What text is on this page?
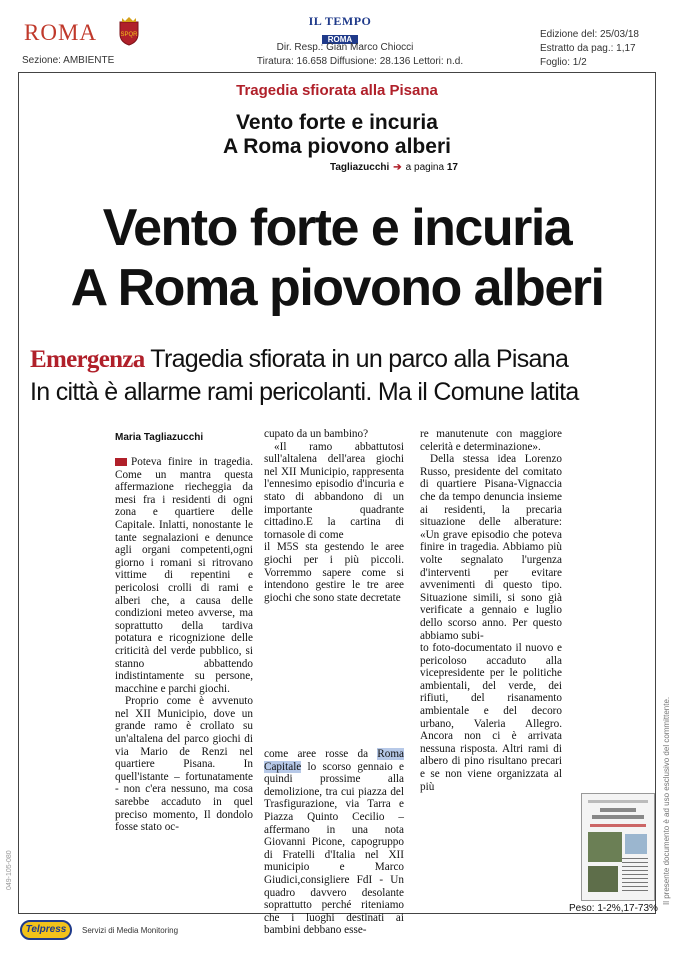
ROMA	SPQR
Sezione: AMBIENTE
IL TEMPO
ROMA
Dir. Resp.: Gian Marco Chiocci
Tiratura: 16.658 Diffusione: 28.136 Lettori: n.d.
Edizione del: 25/03/18
Estratto da pag.: 1,17
Foglio: 1/2
Tragedia sfiorata alla Pisana
Vento forte e incuria
A Roma piovono alberi
Tagliazucchi ➔ a pagina 17
Vento forte e incuria
A Roma piovono alberi
Emergenza Tragedia sfiorata in un parco alla Pisana
In città è allarme rami pericolanti. Ma il Comune latita
Maria Tagliazucchi

Poteva finire in tragedia. Come un mantra questa affermazione riecheggia da mesi fra i residenti di ogni zona e quartiere delle Capitale. Inlatti, nonostante le tante segnalazioni e denunce agli organi competenti,ogni giorno i romani si ritrovano vittime di repentini e pericolosi crolli di rami e alberi che, a causa delle condizioni meteo avverse, ma soprattutto della tardiva potatura e ricognizione delle criticità del verde pubblico, si stanno abbattendo indistintamente su persone, macchine e parchi giochi.

Proprio come è avvenuto nel XII Municipio, dove un grande ramo è crollato su un'altalena del parco giochi di via Mario de Renzi nel quartiere Pisana.	In quell'istante – fortunatamente - non c'era nessuno, ma cosa sarebbe accaduto in quel preciso momento, Il dondolo fosse stato oc-

cupato da un bambino?

«Il ramo abbattutosi sull'altalena dell'area giochi nel XII Municipio, rappresenta l'ennesimo episodio d'incuria e stato di abbandono di un importante quadrante cittadino.E la cartina di tornasole di come

il M5S sta gestendo le aree giochi per i più piccoli. Vorremmo sapere come si intendono gestire le tre aree giochi che sono state decretate

come aree rosse da Roma Capitale lo scorso gennaio e quindi prossime alla demolizione, tra cui piazza del Trasfigurazione, via Tarra e Piazza Quinto Cecilio – affermano in una nota Giovanni Picone, capogruppo di Fratelli d'Italia nel XII municipio e Marco Giudici,consigliere FdI - Un quadro davvero desolante soprattutto perché riteniamo che i luoghi destinati ai bambini debbano esse-

re manutenute con maggiore celerità e determinazione».

Della stessa idea Lorenzo Russo, presidente del comitato di quartiere Pisana-Vignaccia che da tempo denuncia insieme ai residenti, la precaria situazione delle alberature: «Un grave episodio che poteva finire in tragedia. Abbiamo più volte segnalato l'urgenza d'interventi per evitare avvenimenti di questo tipo. Situazione simili, si sono già verificate a gennaio e luglio dello scorso anno. Per questo abbiamo subi-

to foto-documentato il nuovo e pericoloso accaduto alla vicepresidente per le politiche ambientali, del verde, dei rifiuti, del risanamento ambientale e del decoro urbano, Valeria Allegro. Ancora non ci è arrivata nessuna risposta. Altri rami di albero di pino risultano precari e se non viene organizzata al più

Peso: 1-2%,17-73%
Telpress	Servizi di Media Monitoring
Il presente documento è ad uso esclusivo del committente.
049-105-080
